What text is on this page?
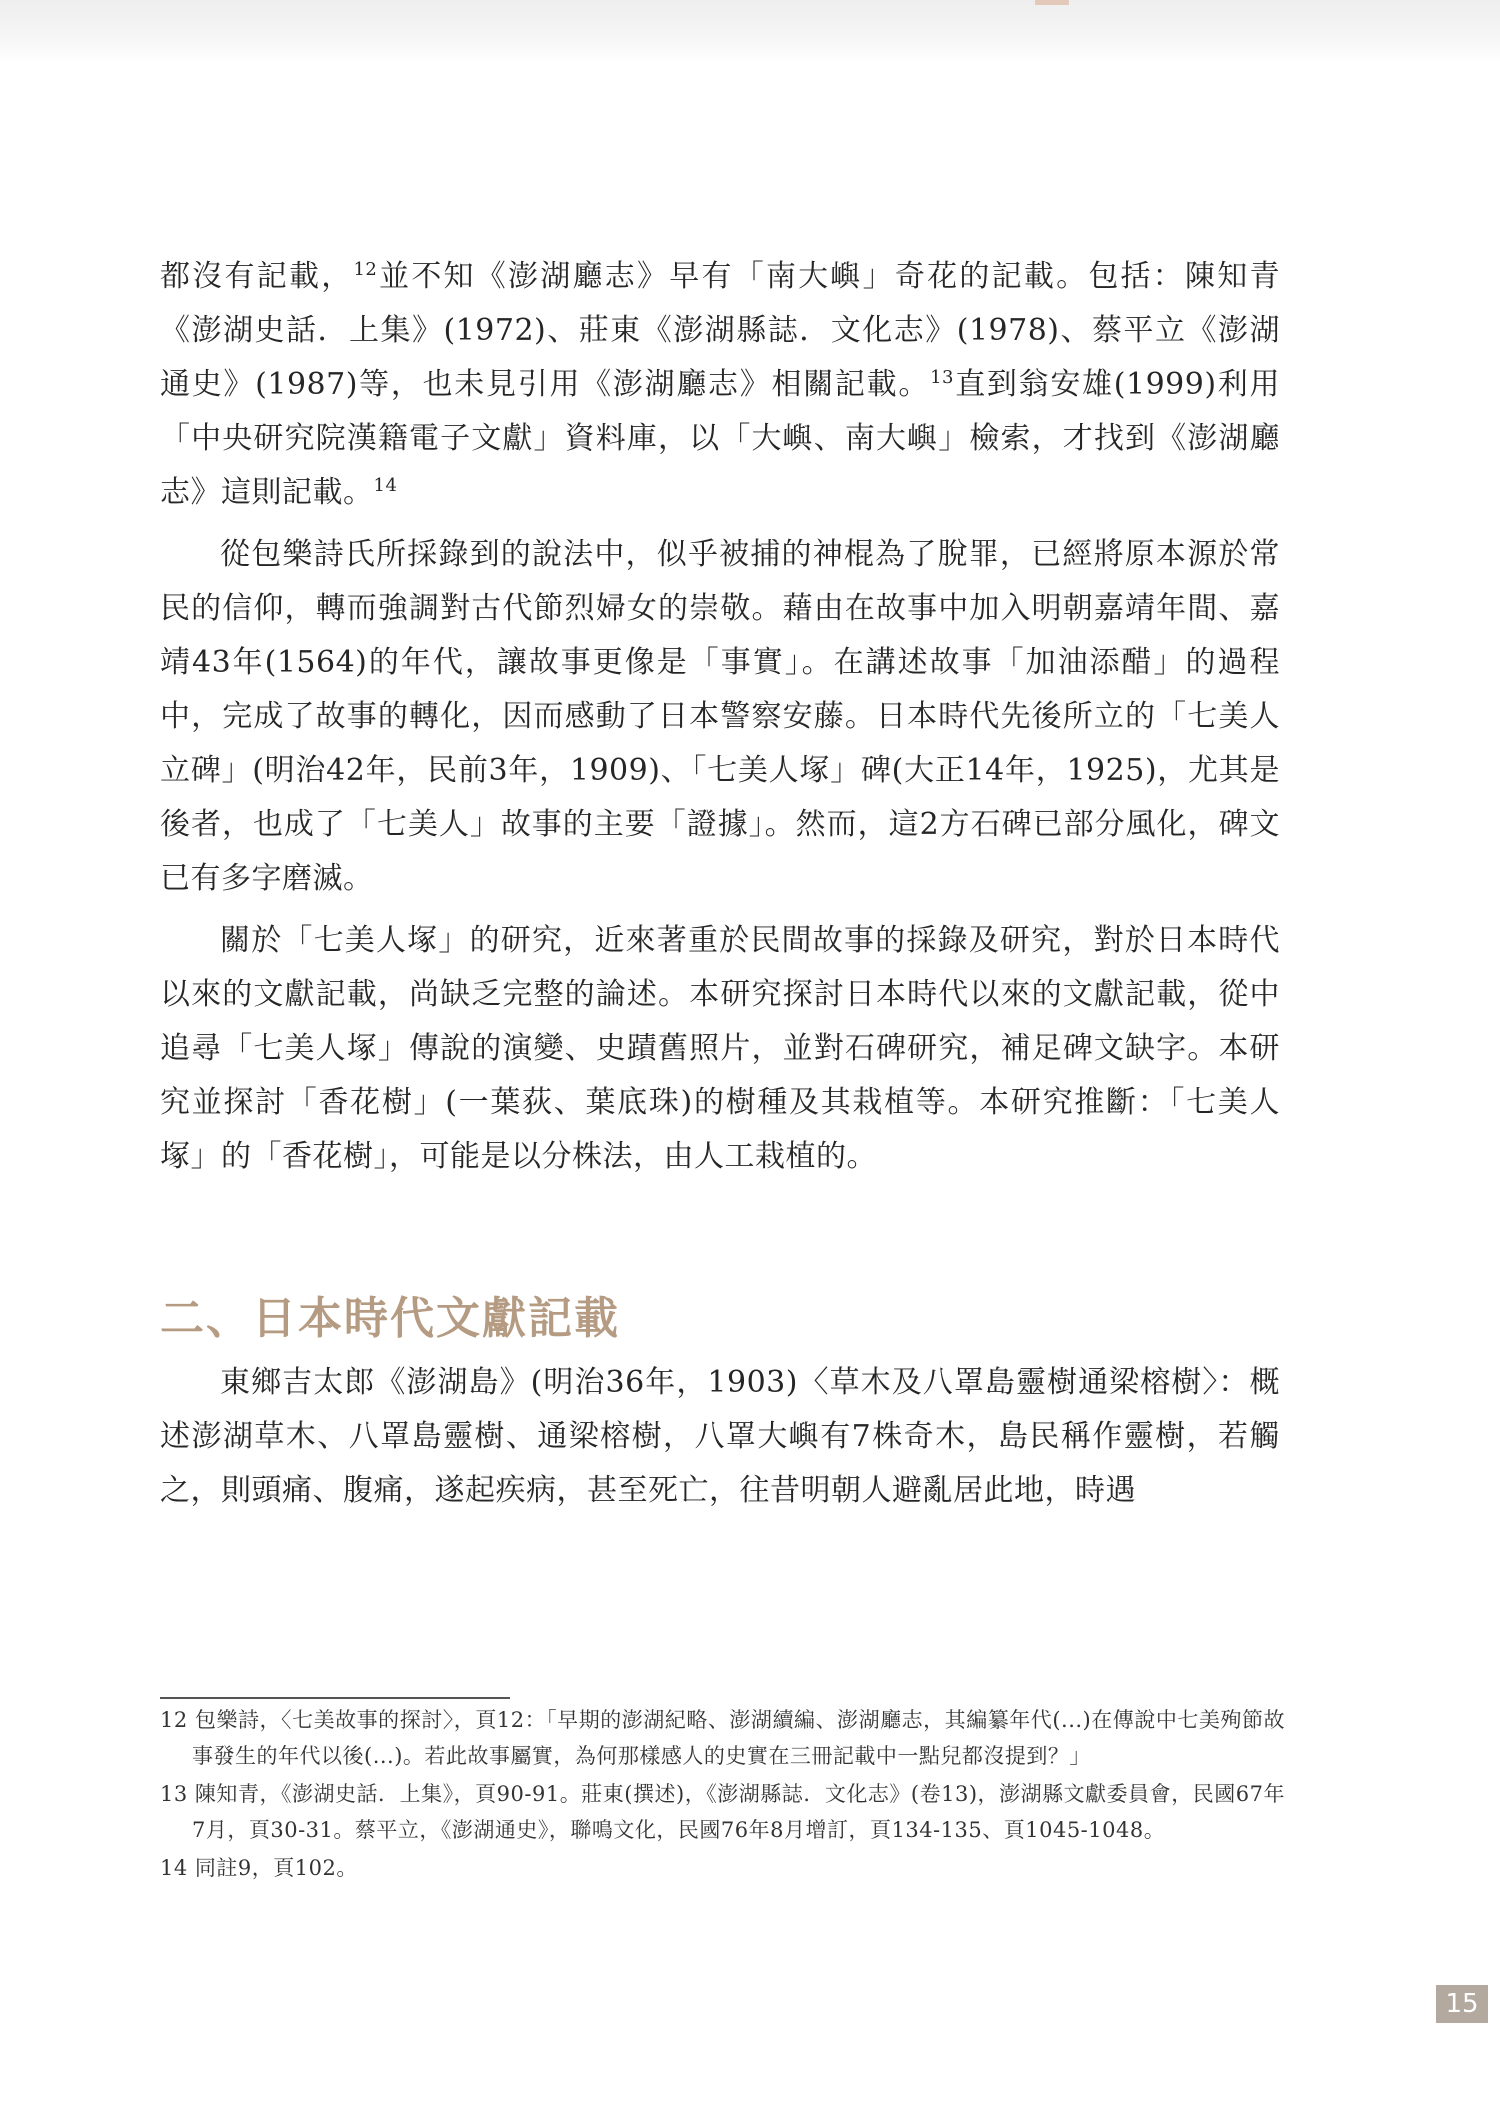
都沒有記載，$^{12}$並不知《澎湖廳志》早有「南大嶼」奇花的記載。包括：陳知青《澎湖史話．上集》(1972)、莊東《澎湖縣誌．文化志》(1978)、蔡平立《澎湖通史》(1987)等，也未見引用《澎湖廳志》相關記載。$^{13}$直到翁安雄(1999)利用「中央研究院漢籍電子文獻」資料庫，以「大嶼、南大嶼」檢索，才找到《澎湖廳志》這則記載。$^{14}$

從包樂詩氏所採錄到的說法中，似乎被捕的神棍為了脫罪，已經將原本源於常民的信仰，轉而強調對古代節烈婦女的崇敬。藉由在故事中加入明朝嘉靖年間、嘉靖43年(1564)的年代，讓故事更像是「事實」。在講述故事「加油添醋」的過程中，完成了故事的轉化，因而感動了日本警察安藤。日本時代先後所立的「七美人立碑」(明治42年，民前3年，1909)、「七美人塚」碑(大正14年，1925)，尤其是後者，也成了「七美人」故事的主要「證據」。然而，這2方石碑已部分風化，碑文已有多字磨滅。

關於「七美人塚」的研究，近來著重於民間故事的採錄及研究，對於日本時代以來的文獻記載，尚缺乏完整的論述。本研究探討日本時代以來的文獻記載，從中追尋「七美人塚」傳說的演變、史蹟舊照片，並對石碑研究，補足碑文缺字。本研究並探討「香花樹」(一葉荻、葉底珠)的樹種及其栽植等。本研究推斷：「七美人塚」的「香花樹」，可能是以分株法，由人工栽植的。

二、日本時代文獻記載

東鄉吉太郎《澎湖島》(明治36年，1903)〈草木及八罩島靈樹通梁榕樹〉：概述澎湖草木、八罩島靈樹、通梁榕樹，八罩大嶼有7株奇木，島民稱作靈樹，若觸之，則頭痛、腹痛，遂起疾病，甚至死亡，往昔明朝人避亂居此地，時遇

12 包樂詩，〈七美故事的探討〉，頁12：「早期的澎湖紀略、澎湖續編、澎湖廳志，其編纂年代(...)在傳說中七美殉節故事發生的年代以後(...)。若此故事屬實，為何那樣感人的史實在三冊記載中一點兒都沒提到？」

13 陳知青，《澎湖史話．上集》，頁90-91。莊東(撰述)，《澎湖縣誌．文化志》(卷13)，澎湖縣文獻委員會，民國67年7月，頁30-31。蔡平立，《澎湖通史》，聯鳴文化，民國76年8月增訂，頁134-135、頁1045-1048。

14 同註9，頁102。

15
